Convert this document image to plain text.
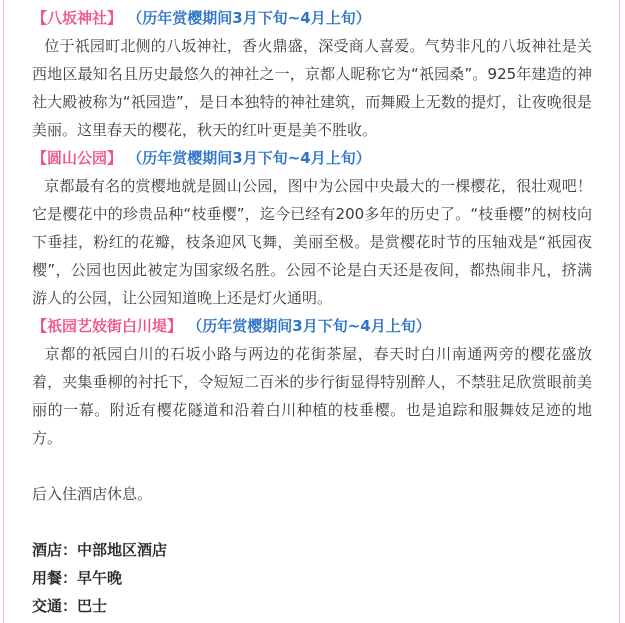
【八坂神社】 （历年赏樱期间3月下旬~4月上旬）
位于祇园町北侧的八坂神社，香火鼎盛，深受商人喜爱。气势非凡的八坂神社是关西地区最知名且历史最悠久的神社之一，京都人昵称它为“祇园桑”。925年建造的神社大殿被称为“祇园造”，是日本独特的神社建筑，而舞殿上无数的提灯，让夜晚很是美丽。这里春天的樱花，秋天的红叶更是美不胜收。
【圆山公园】 （历年赏樱期间3月下旬~4月上旬）
京都最有名的赏樱地就是圆山公园，图中为公园中央最大的一棵樱花，很壮观吧！它是樱花中的珍贵品种“枝垂樱”，迄今已经有200多年的历史了。“枝垂樱”的树枝向下垂挂，粉红的花瓣，枝条迎风飞舞，美丽至极。是赏樱花时节的压轴戏是“祇园夜樱”，公园也因此被定为国家级名胜。公园不论是白天还是夜间，都热闹非凡，挤满游人的公园，让公园知道晚上还是灯火通明。
【祇园艺妓街白川堤】 （历年赏樱期间3月下旬~4月上旬）
京都的祇园白川的石坂小路与两边的花街茶屋，春天时白川南通两旁的樱花盛放着，夹集垂柳的衬托下，令短短二百米的步行街显得特别醉人，不禁驻足欣赏眼前美丽的一幕。附近有樱花隧道和沿着白川种植的枝垂樱。也是追踪和服舞妓足迹的地方。
后入住酒店休息。
酒店：中部地区酒店
用餐：早午晚
交通：巴士
